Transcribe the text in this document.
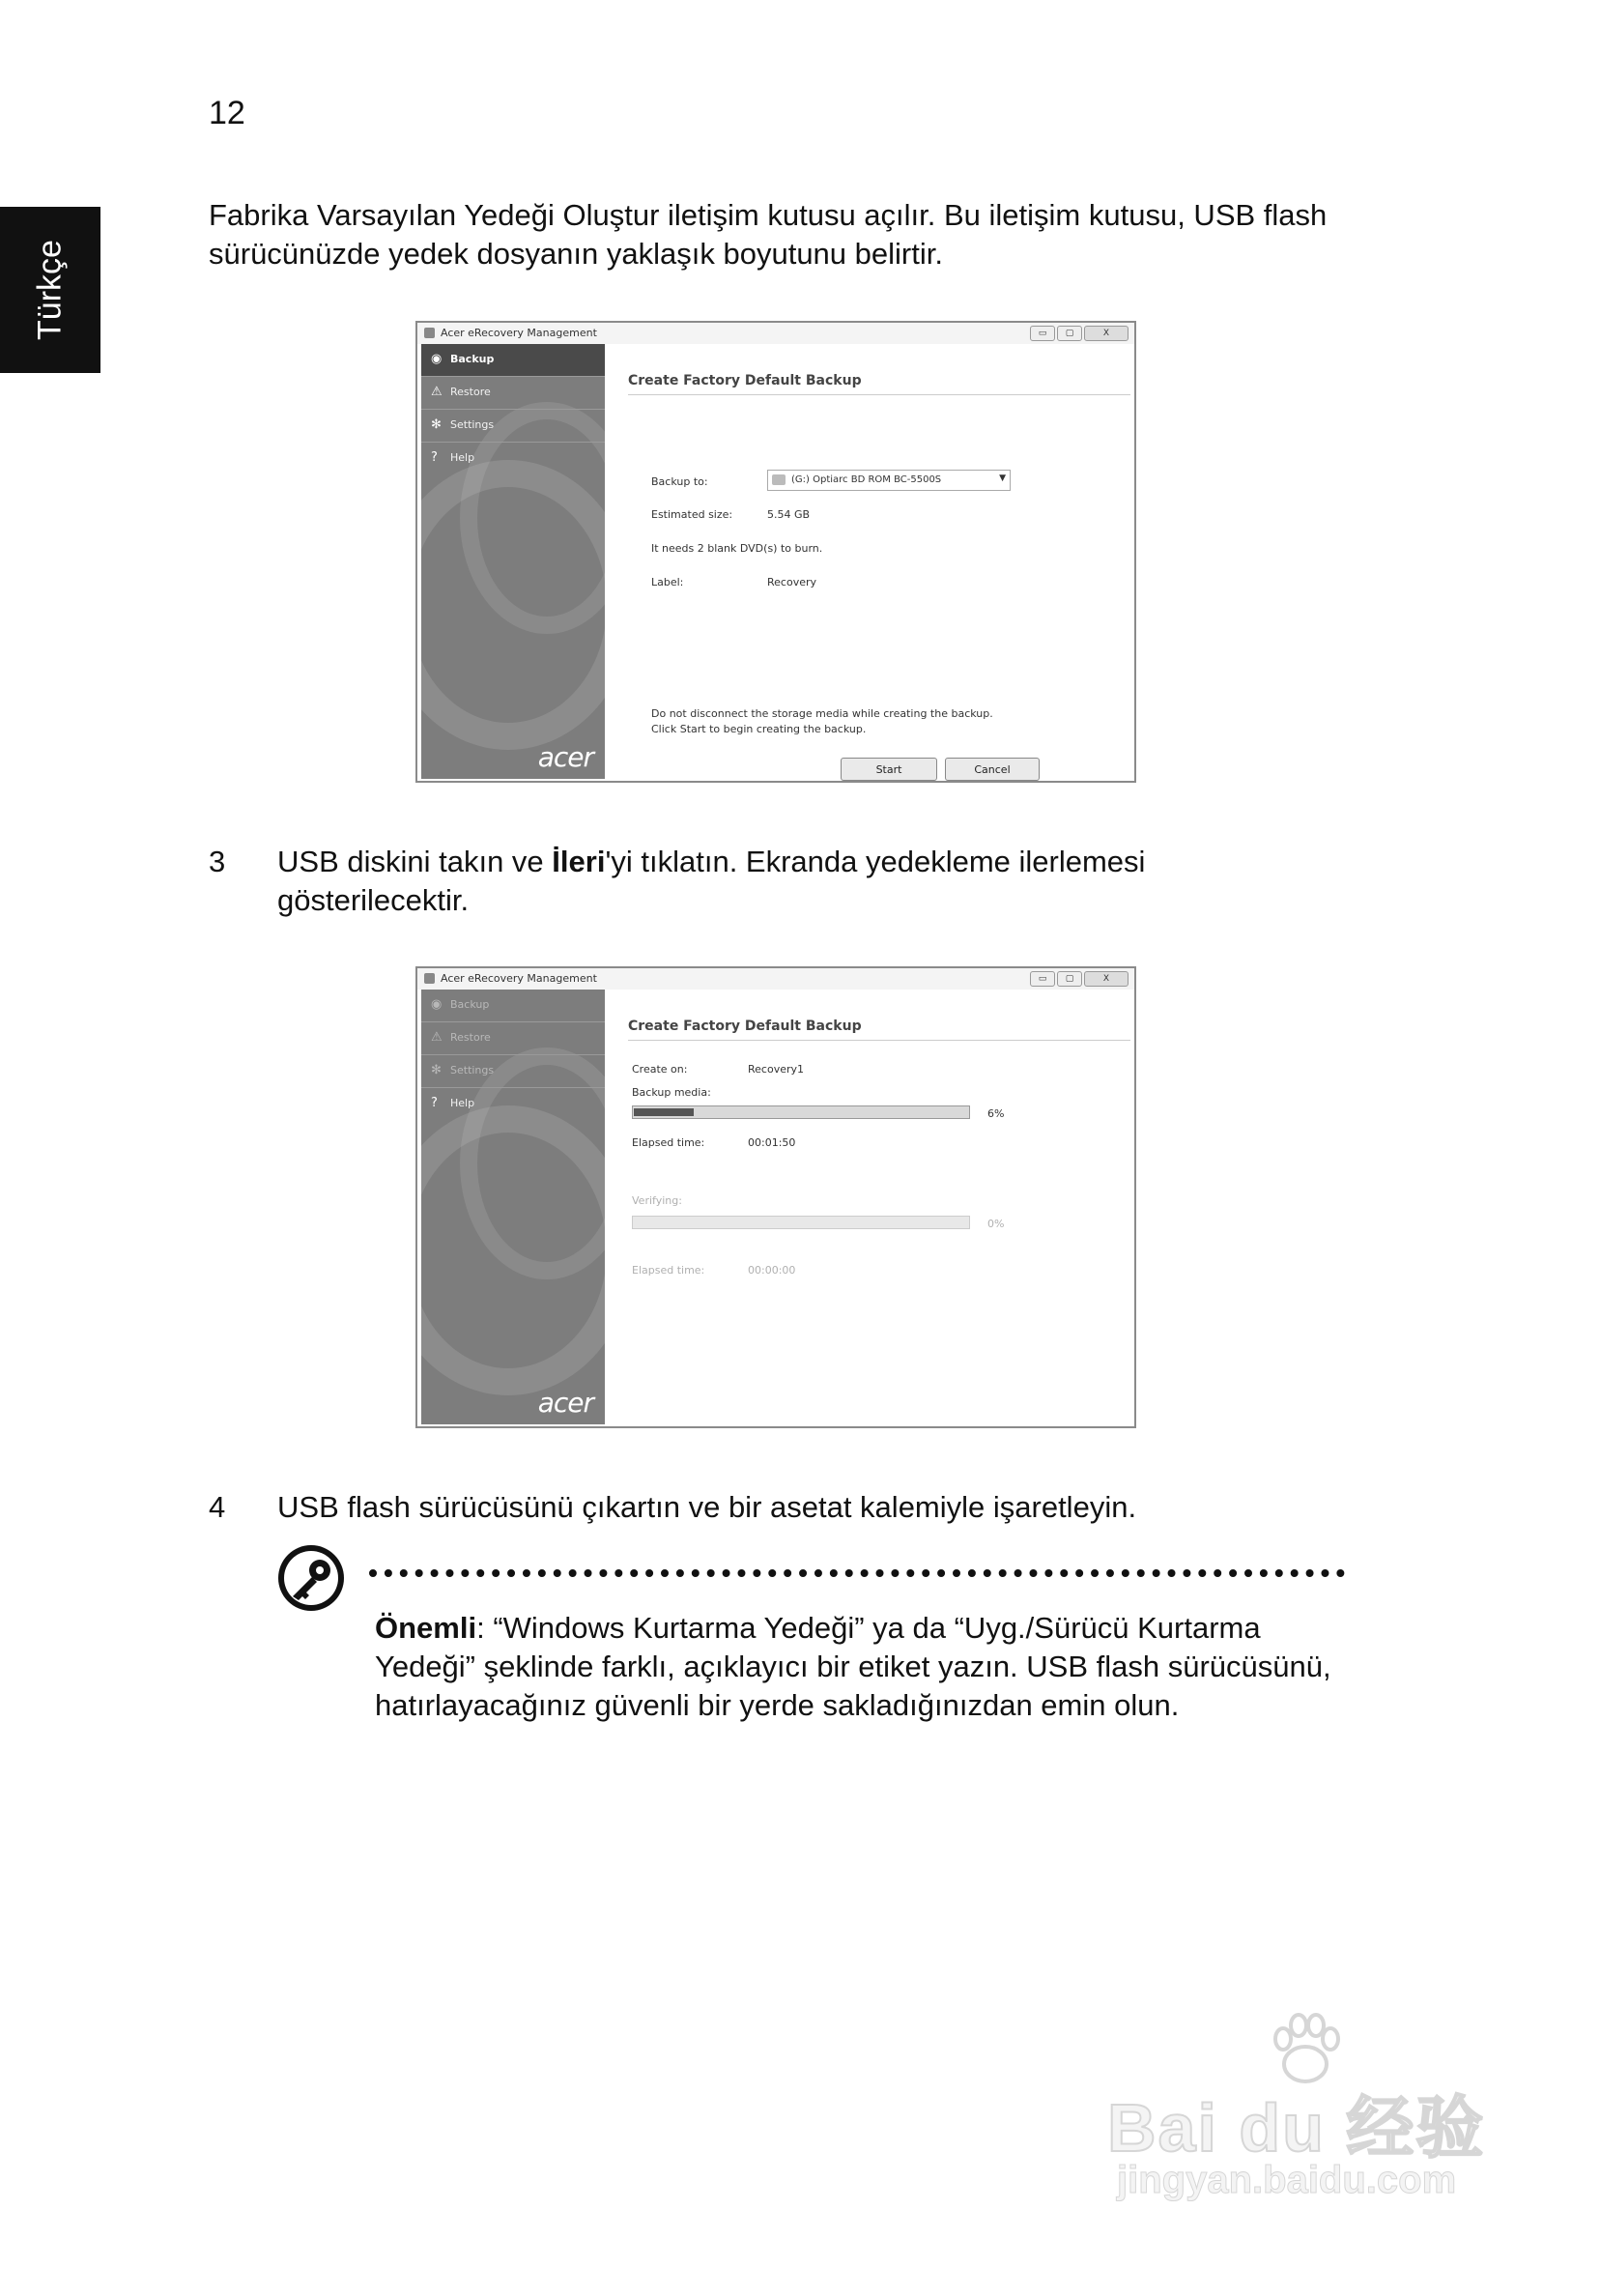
12
Türkçe
Fabrika Varsayılan Yedeği Oluştur iletişim kutusu açılır. Bu iletişim kutusu, USB flash sürücünüzde yedek dosyanın yaklaşık boyutunu belirtir.
Acer eRecovery Management	▭	▢	X
◉ Backup
⚠ Restore
✻ Settings
? Help
acer
Create Factory Default Backup
Backup to:	(G:) Optiarc BD ROM BC-5500S	▼
Estimated size:	5.54 GB
It needs 2 blank DVD(s) to burn.
Label:	Recovery
Do not disconnect the storage media while creating the backup.
Click Start to begin creating the backup.
Start	Cancel
3 USB diskini takın ve İleri'yi tıklatın. Ekranda yedekleme ilerlemesi gösterilecektir.
Acer eRecovery Management	▭	▢	X
◉ Backup
⚠ Restore
✻ Settings
? Help
acer
Create Factory Default Backup
Create on:	Recovery1
Backup media:
6%
Elapsed time:	00:01:50
Verifying:
0%
Elapsed time:	00:00:00
4 USB flash sürücüsünü çıkartın ve bir asetat kalemiyle işaretleyin.
Önemli: “Windows Kurtarma Yedeği” ya da “Uyg./Sürücü Kurtarma Yedeği” şeklinde farklı, açıklayıcı bir etiket yazın. USB flash sürücüsünü, hatırlayacağınız güvenli bir yerde sakladığınızdan emin olun.
Bai du 经验
jingyan.baidu.com
